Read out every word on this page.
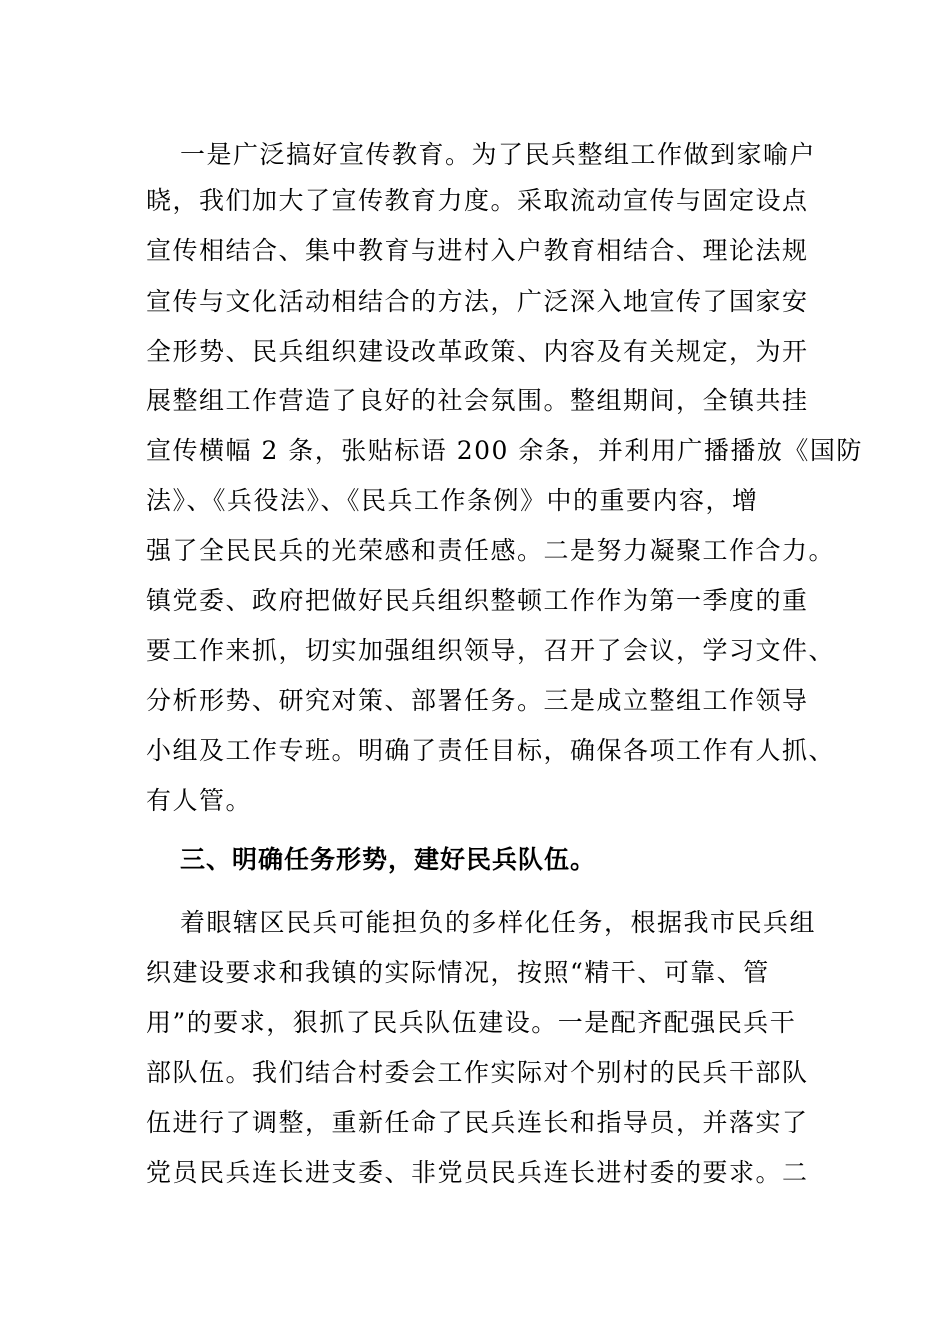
一是广泛搞好宣传教育。为了民兵整组工作做到家喻户
晓，我们加大了宣传教育力度。采取流动宣传与固定设点
宣传相结合、集中教育与进村入户教育相结合、理论法规
宣传与文化活动相结合的方法，广泛深入地宣传了国家安
全形势、民兵组织建设改革政策、内容及有关规定，为开
展整组工作营造了良好的社会氛围。整组期间，全镇共挂
宣传横幅 2 条，张贴标语 200 余条，并利用广播播放《国防
法》、《兵役法》、《民兵工作条例》中的重要内容，增
强了全民民兵的光荣感和责任感。二是努力凝聚工作合力。
镇党委、政府把做好民兵组织整顿工作作为第一季度的重
要工作来抓，切实加强组织领导，召开了会议，学习文件、
分析形势、研究对策、部署任务。三是成立整组工作领导
小组及工作专班。明确了责任目标，确保各项工作有人抓、
有人管。
三、明确任务形势，建好民兵队伍。
着眼辖区民兵可能担负的多样化任务，根据我市民兵组
织建设要求和我镇的实际情况，按照“精干、可靠、管
用”的要求，狠抓了民兵队伍建设。一是配齐配强民兵干
部队伍。我们结合村委会工作实际对个别村的民兵干部队
伍进行了调整，重新任命了民兵连长和指导员，并落实了
党员民兵连长进支委、非党员民兵连长进村委的要求。二
